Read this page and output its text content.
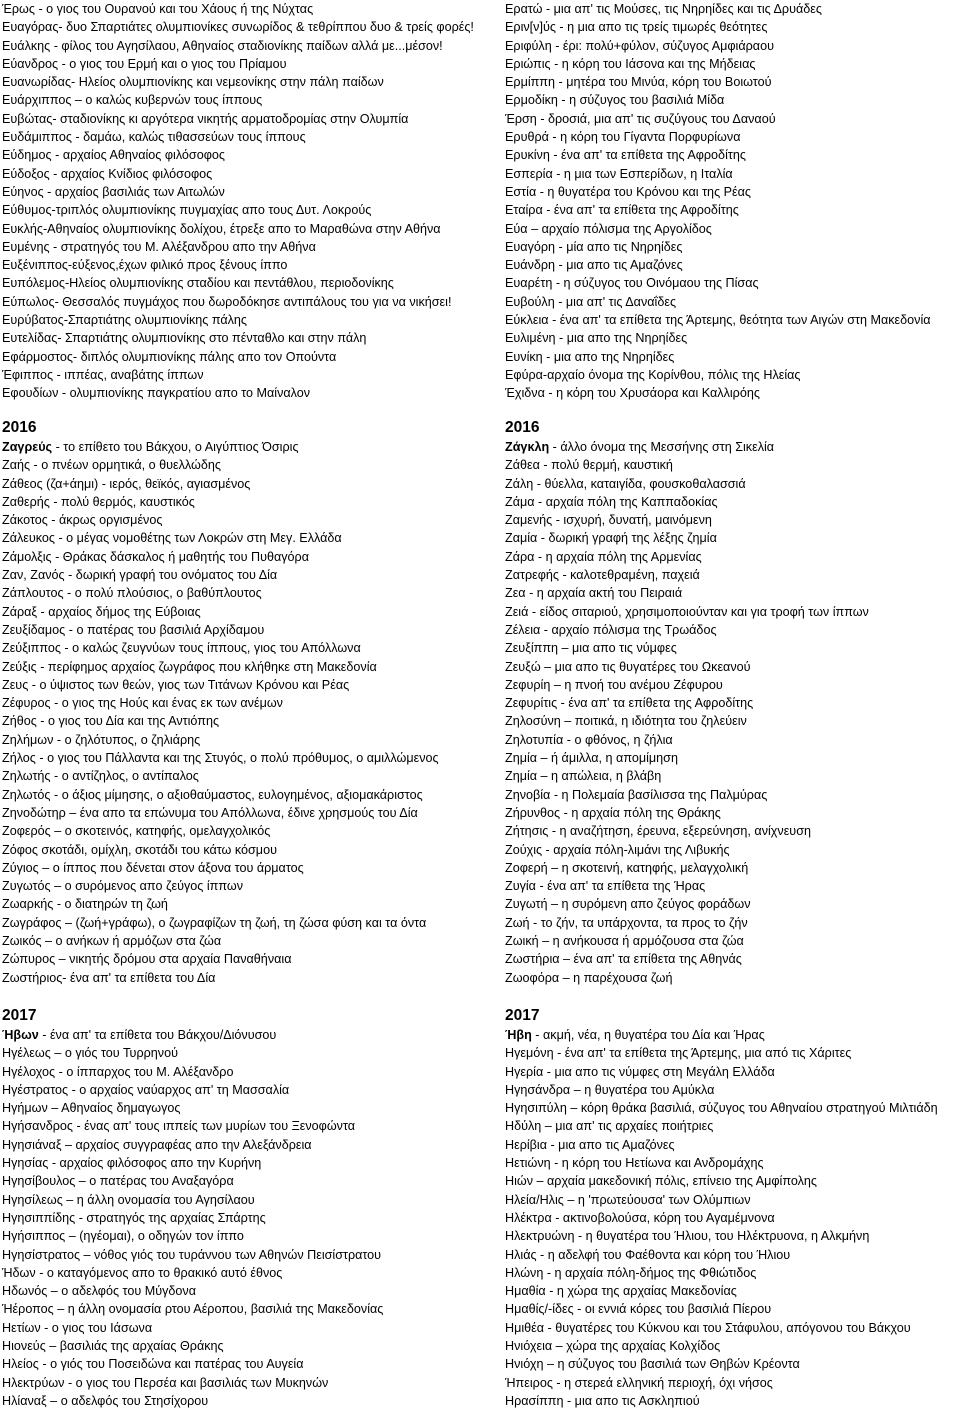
Έρως - ο γιος του Ουρανού και του Χάους ή της Νύχτας
Ευαγόρας- δυο Σπαρτιάτες ολυμπιονίκες συνωρίδος & τεθρίππου δυο & τρείς φορές!
Ευάλκης - φίλος του Αγησίλαου, Αθηναίος σταδιονίκης παίδων αλλά με...μέσον!
Εύανδρος - ο γιος του Ερμή και ο γιος του Πρίαμου
Ευανωρίδας- Ηλείος ολυμπιονίκης και νεμεονίκης στην πάλη παίδων
Ευάρχιππος – ο καλώς κυβερνών τους ίππους
Ευβώτας- σταδιονίκης κι αργότερα νικητής αρματοδρομίας στην Ολυμπία
Ευδάμιππος - δαμάω, καλώς τιθασσεύων τους ίππους
Εύδημος - αρχαίος Αθηναίος φιλόσοφος
Εύδοξος - αρχαίος Κνίδιος φιλόσοφος
Εύηνος - αρχαίος βασιλιάς των Αιτωλών
Εύθυμος-τριπλός ολυμπιονίκης πυγμαχίας απο τους Δυτ. Λοκρούς
Ευκλής-Αθηναίος ολυμπιονίκης δολίχου, έτρεξε απο το Μαραθώνα στην Αθήνα
Ευμένης - στρατηγός του Μ. Αλέξανδρου απο την Αθήνα
Ευξένιππος-εύξενος,έχων φιλικό προς ξένους ίππο
Ευπόλεμος-Ηλείος ολυμπιονίκης σταδίου και πεντάθλου, περιοδονίκης
Εύπωλος- Θεσσαλός πυγμάχος που δωροδόκησε αντιπάλους του για να νικήσει!
Ευρύβατος-Σπαρτιάτης ολυμπιονίκης πάλης
Ευτελίδας- Σπαρτιάτης ολυμπιονίκης στο πένταθλο και στην πάλη
Εφάρμοστος- διπλός ολυμπιονίκης πάλης απο τον Οπούντα
Έφιππος - ιππέας, αναβάτης ίππων
Εφουδίων - ολυμπιονίκης παγκρατίου απο το Μαίναλον
2016
Ζαγρεύς - το επίθετο του Βάκχου, ο Αιγύπτιος Όσιρις
Ζαής - ο πνέων ορμητικά, ο θυελλώδης
Ζάθεος (ζα+άημι) - ιερός, θεϊκός, αγιασμένος
Ζαθερής - πολύ θερμός, καυστικός
Ζάκοτος - άκρως οργισμένος
Ζάλευκος - ο μέγας νομοθέτης των Λοκρών στη Μεγ. Ελλάδα
Ζάμολξις - Θράκας δάσκαλος ή μαθητής του Πυθαγόρα
Ζαν, Ζανός - δωρική γραφή του ονόματος του Δία
Ζάπλουτος - ο πολύ πλούσιος, ο βαθύπλουτος
Ζάραξ - αρχαίος δήμος της Εύβοιας
Ζευξίδαμος - ο πατέρας του βασιλιά Αρχίδαμου
Ζεύξιππος - ο καλώς ζευγνύων τους ίππους, γιος του Απόλλωνα
Ζεύξις - περίφημος αρχαίος ζωγράφος που κλήθηκε στη Μακεδονία
Ζευς - ο ύψιστος των θεών, γιος των Τιτάνων Κρόνου και Ρέας
Ζέφυρος - ο γιος της Ηούς και ένας εκ των ανέμων
Ζήθος - ο γιος του Δία και της Αντιόπης
Ζηλήμων - ο ζηλότυπος, ο ζηλιάρης
Ζήλος - ο γιος του Πάλλαντα και της Στυγός, ο πολύ πρόθυμος, ο αμιλλώμενος
Ζηλωτής - ο αντίζηλος, ο αντίπαλος
Ζηλωτός - ο άξιος μίμησης, ο αξιοθαύμαστος, ευλογημένος, αξιομακάριστος
Ζηνοδώτηρ – ένα απο τα επώνυμα του Απόλλωνα, έδινε χρησμούς του Δία
Ζοφερός – ο σκοτεινός, κατηφής, ομελαγχολικός
Ζόφος σκοτάδι, ομίχλη, σκοτάδι του κάτω κόσμου
Ζύγιος – ο ίππος που δένεται στον άξονα του άρματος
Ζυγωτός – ο συρόμενος απο ζεύγος ίππων
Ζωαρκής - ο διατηρών τη ζωή
Ζωγράφος – (ζωή+γράφω), ο ζωγραφίζων τη ζωή, τη ζώσα φύση και τα όντα
Ζωικός – ο ανήκων ή αρμόζων στα ζώα
Ζώπυρος – νικητής δρόμου στα αρχαία Παναθήναια
Ζωστήριος- ένα απ' τα επίθετα του Δία
2017
Ήβων - ένα απ' τα επίθετα του Βάκχου/Διόνυσου
Ηγέλεως – ο γιός του Τυρρηνού
Ηγέλοχος - ο ίππαρχος του Μ. Αλέξανδρο
Ηγέστρατος - ο αρχαίος ναύαρχος απ' τη Μασσαλία
Ηγήμων – Αθηναίος δημαγωγος
Ηγήσανδρος - ένας απ' τους ιππείς των μυρίων του Ξενοφώντα
Ηγησιάναξ – αρχαίος συγγραφέας απο την Αλεξάνδρεια
Ηγησίας - αρχαίος φιλόσοφος απο την Κυρήνη
Ηγησίβουλος – ο πατέρας του Αναξαγόρα
Ηγησίλεως – η άλλη ονομασία του Αγησίλαου
Ηγησιππίδης - στρατηγός της αρχαίας Σπάρτης
Ηγήσιππος – (ηγέομαι), ο οδηγών τον ίππο
Ηγησίστρατος – νόθος γιός του τυράννου των Αθηνών Πεισίστρατου
Ήδων - ο καταγόμενος απο το θρακικό αυτό έθνος
Ηδωνός – ο αδελφός του Μύγδονα
Ήέροπος – η άλλη ονομασία ρτου Αέροπου, βασιλιά της Μακεδονίας
Ηετίων - ο γιος του Ιάσωνα
Ηιονεύς – βασιλιάς της αρχαίας Θράκης
Ηλείος - ο γιός του Ποσειδώνα και πατέρας του Αυγεία
Ηλεκτρύων - ο γιος του Περσέα και βασιλιάς των Μυκηνών
Ηλίαναξ – ο αδελφός του Στησίχορου
Ερατώ - μια απ' τις Μούσες, τις Νηρηίδες και τις Δρυάδες
Εριν[ν]ύς - η μια απο τις τρείς τιμωρές θεότητες
Εριφύλη - έρι: πολύ+φύλον, σύζυγος Αμφιάραου
Εριώπις - η κόρη του Ιάσονα και της Μήδειας
Ερμίππη - μητέρα του Μινύα, κόρη του Βοιωτού
Ερμοδίκη - η σύζυγος του βασιλιά Μίδα
Έρση - δροσιά, μια απ' τις συζύγους του Δαναού
Ερυθρά - η κόρη του Γίγαντα Πορφυρίωνα
Ερυκίνη - ένα απ' τα επίθετα της Αφροδίτης
Εσπερία - η μια των Εσπερίδων, η Ιταλία
Εστία - η θυγατέρα του Κρόνου και της Ρέας
Εταίρα - ένα απ' τα επίθετα της Αφροδίτης
Εύα – αρχαίο πόλισμα της Αργολίδος
Ευαγόρη - μία απο τις Νηρηίδες
Ευάνδρη - μια απο τις Αμαζόνες
Ευαρέτη - η σύζυγος του Οινόμαου της Πίσας
Ευβούλη - μια απ' τις Δαναΐδες
Εύκλεια - ένα απ' τα επίθετα της Άρτεμης, θεότητα των Αιγών στη Μακεδονία
Ευλιμένη - μια απο της Νηρηίδες
Ευνίκη - μια απο της Νηρηίδες
Εφύρα-αρχαίο όνομα της Κορίνθου, πόλις της Ηλείας
Έχιδνα - η κόρη του Χρυσάορα και Καλλιρόης
2016
Ζάγκλη - άλλο όνομα της Μεσσήνης στη Σικελία
Ζάθεα - πολύ θερμή, καυστική
Ζάλη - θύελλα, καταιγίδα, φουσκοθαλασσιά
Ζάμα - αρχαία πόλη της Καππαδοκίας
Ζαμενής - ισχυρή, δυνατή, μαινόμενη
Ζαμία - δωρική γραφή της λέξης ζημία
Ζάρα - η αρχαία πόλη της Αρμενίας
Ζατρεφής - καλοτεθραμένη, παχειά
Ζεα - η αρχαία ακτή του Πειραιά
Ζειά - είδος σιταριού, χρησιμοποιούνταν και για τροφή των ίππων
Ζέλεια - αρχαίο πόλισμα της Τρωάδος
Ζευξίππη – μια απο τις νύμφες
Ζευξώ – μια απο τις θυγατέρες του Ωκεανού
Ζεφυρίη – η πνοή του ανέμου Ζέφυρου
Ζεφυρίτις - ένα απ' τα επίθετα της Αφροδίτης
Ζηλοσύνη – ποιτικά, η ιδιότητα του ζηλεύειν
Ζηλοτυπία - ο φθόνος, η ζήλια
Ζημία – ή άμιλλα, η απομίμηση
Ζημία – η απώλεια, η βλάβη
Ζηνοβία - η Πολεμαία βασίλισσα της Παλμύρας
Ζήρυνθος - η αρχαία πόλη της Θράκης
Ζήτησις - η αναζήτηση, έρευνα, εξερεύνηση, ανίχνευση
Ζούχις - αρχαία πόλη-λιμάνι της Λιβυκής
Ζοφερή – η σκοτεινή, κατηφής, μελαγχολική
Ζυγία - ένα απ' τα επίθετα της Ήρας
Ζυγωτή – η συρόμενη απο ζεύγος φοράδων
Ζωή - το ζήν, τα υπάρχοντα, τα προς το ζήν
Ζωική – η ανήκουσα ή αρμόζουσα στα ζώα
Ζωστήρια – ένα απ' τα επίθετα της Αθηνάς
Ζωοφόρα – η παρέχουσα ζωή
2017
Ήβη - ακμή, νέα, η θυγατέρα του Δία και Ήρας
Ηγεμόνη - ένα απ' τα επίθετα της Άρτεμης, μια από τις Χάριτες
Ηγερία - μια απο τις νύμφες στη Μεγάλη Ελλάδα
Ηγησάνδρα – η θυγατέρα του Αμύκλα
Ηγησιπύλη – κόρη θράκα βασιλιά, σύζυγος του Αθηναίου στρατηγού Μιλτιάδη
Ηδύλη – μια απ' τις αρχαίες ποιήτριες
Ηερίβια - μια απο τις Αμαζόνες
Ηετιώνη - η κόρη του Ηετίωνα και Ανδρομάχης
Ηιών – αρχαία μακεδονική πόλις, επίνειο της Αμφίπολης
Ηλεία/Ηλις – η 'πρωτεύουσα' των Ολύμπιων
Ηλέκτρα - ακτινοβολούσα, κόρη του Αγαμέμνονα
Ηλεκτρυώνη - η θυγατέρα του Ήλιου, του Ηλέκτρυονα, η Αλκμήνη
Ηλιάς - η αδελφή του Φαέθοντα και κόρη του Ήλιου
Ηλώνη - η αρχαία πόλη-δήμος της Φθιώτιδος
Ημαθία - η χώρα της αρχαίας Μακεδονίας
Ημαθίς/-ίδες - οι εννιά κόρες του βασιλιά Πίερου
Ημιθέα - θυγατέρες του Κύκνου και του Στάφυλου, απόγονου του Βάκχου
Ηνιόχεια – χώρα της αρχαίας Κολχίδος
Ηνιόχη – η σύζυγος του βασιλιά των Θηβών Κρέοντα
Ήπειρος - η στερεά ελληνική περιοχή, όχι νήσος
Ηρασίππη - μια απο τις Ασκληπιού
